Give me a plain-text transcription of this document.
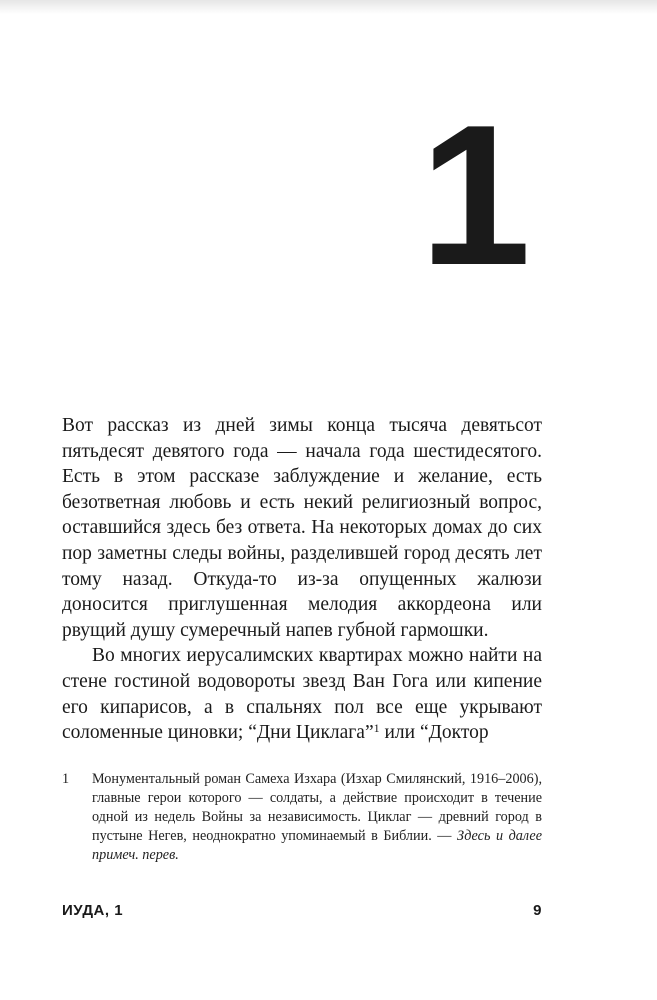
1

Вот рассказ из дней зимы конца тысяча девятьсот пятьдесят девятого года — начала года шестидесятого. Есть в этом рассказе заблуждение и желание, есть безответная любовь и есть некий религиозный вопрос, оставшийся здесь без ответа. На некоторых домах до сих пор заметны следы войны, разделившей город десять лет тому назад. Откуда-то из-за опущенных жалюзи доносится приглушенная мелодия аккордеона или рвущий душу сумеречный напев губной гармошки.

Во многих иерусалимских квартирах можно найти на стене гостиной водовороты звезд Ван Гога или кипение его кипарисов, а в спальнях пол все еще укрывают соломенные циновки; “Дни Циклага”$^1$ или “Доктор

1 Монументальный роман Самеха Изхара (Изхар Смилянский, 1916–2006), главные герои которого — солдаты, а действие происходит в течение одной из недель Войны за независимость. Циклаг — древний город в пустыне Негев, неоднократно упоминаемый в Библии. — Здесь и далее примеч. перев.
ИУДА, 1	9
